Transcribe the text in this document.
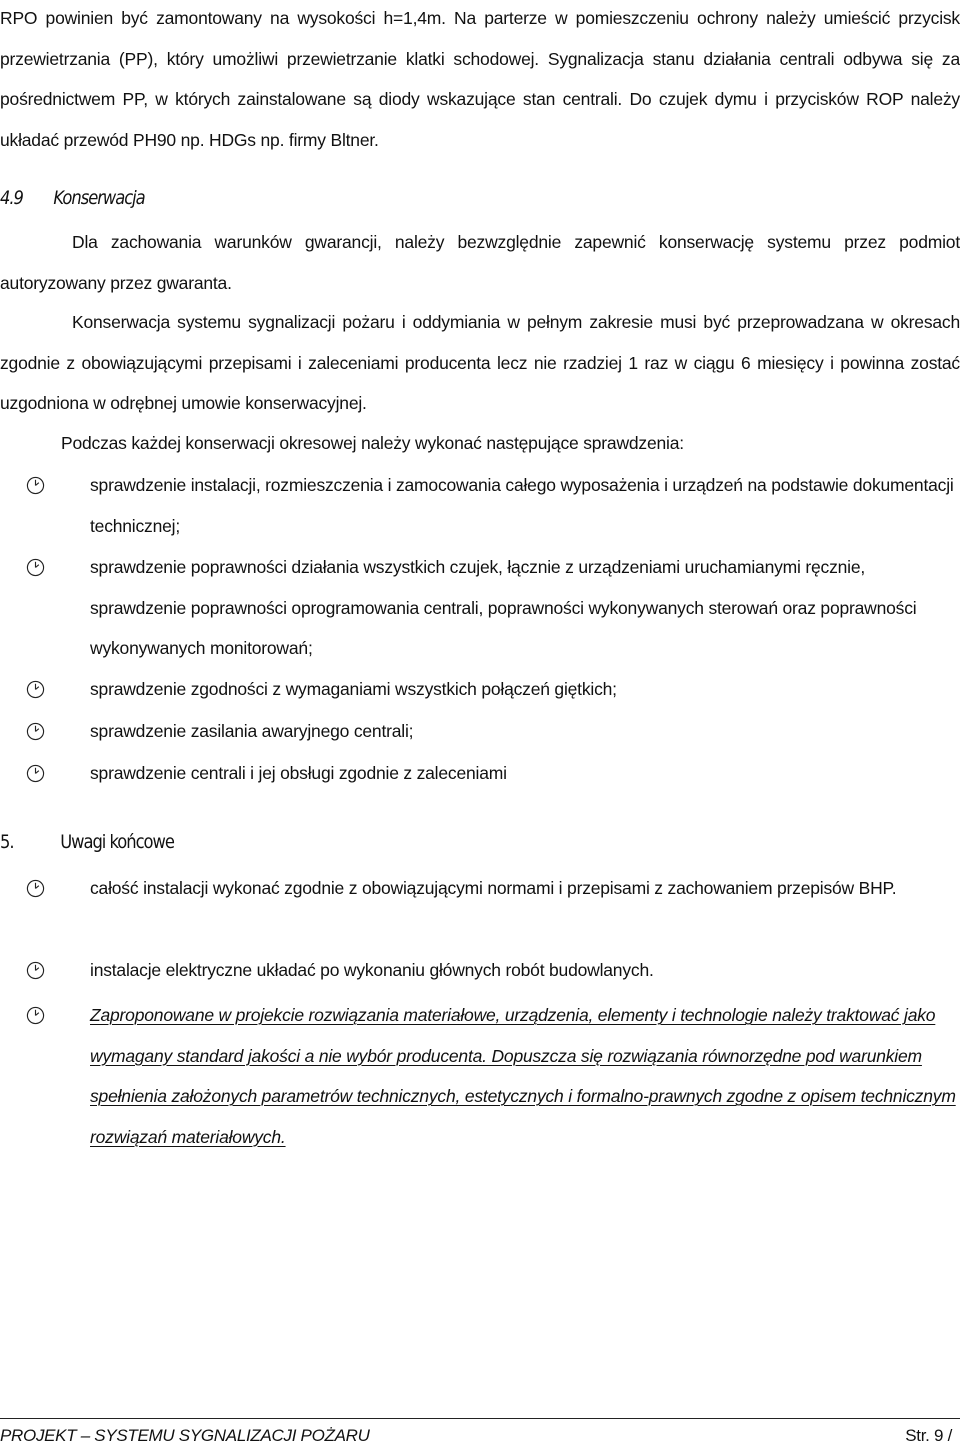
RPO powinien być zamontowany na wysokości h=1,4m. Na parterze w pomieszczeniu ochrony należy umieścić przycisk przewietrzania (PP), który umożliwi przewietrzanie klatki schodowej. Sygnalizacja stanu działania centrali odbywa się za pośrednictwem PP, w których zainstalowane są diody wskazujące stan centrali. Do czujek dymu i przycisków ROP należy układać przewód PH90 np. HDGs np. firmy Bltner.
4.9 Konserwacja
Dla zachowania warunków gwarancji, należy bezwzględnie zapewnić konserwację systemu przez podmiot autoryzowany przez gwaranta.
Konserwacja systemu sygnalizacji pożaru i oddymiania w pełnym zakresie musi być przeprowadzana w okresach zgodnie z obowiązującymi przepisami i zaleceniami producenta lecz nie rzadziej 1 raz w ciągu 6 miesięcy i powinna zostać uzgodniona w odrębnej umowie konserwacyjnej.
Podczas każdej konserwacji okresowej należy wykonać następujące sprawdzenia:
sprawdzenie instalacji, rozmieszczenia i zamocowania całego wyposażenia i urządzeń na podstawie dokumentacji technicznej;
sprawdzenie poprawności działania wszystkich czujek, łącznie z urządzeniami uruchamianymi ręcznie, sprawdzenie poprawności oprogramowania centrali, poprawności wykonywanych sterowań oraz poprawności wykonywanych monitorowań;
sprawdzenie zgodności z wymaganiami wszystkich połączeń giętkich;
sprawdzenie zasilania awaryjnego centrali;
sprawdzenie centrali i jej obsługi zgodnie z zaleceniami
5. Uwagi końcowe
całość instalacji wykonać zgodnie z obowiązującymi normami i przepisami z zachowaniem przepisów BHP.
instalacje elektryczne układać po wykonaniu głównych robót budowlanych.
Zaproponowane w projekcie rozwiązania materiałowe, urządzenia, elementy i technologie należy traktować jako wymagany standard jakości a nie wybór producenta. Dopuszcza się rozwiązania równorzędne pod warunkiem spełnienia założonych parametrów technicznych, estetycznych i formalno-prawnych zgodne z opisem technicznym rozwiązań materiałowych.
PROJEKT – SYSTEMU SYGNALIZACJI POŻARU	Str. 9 /
